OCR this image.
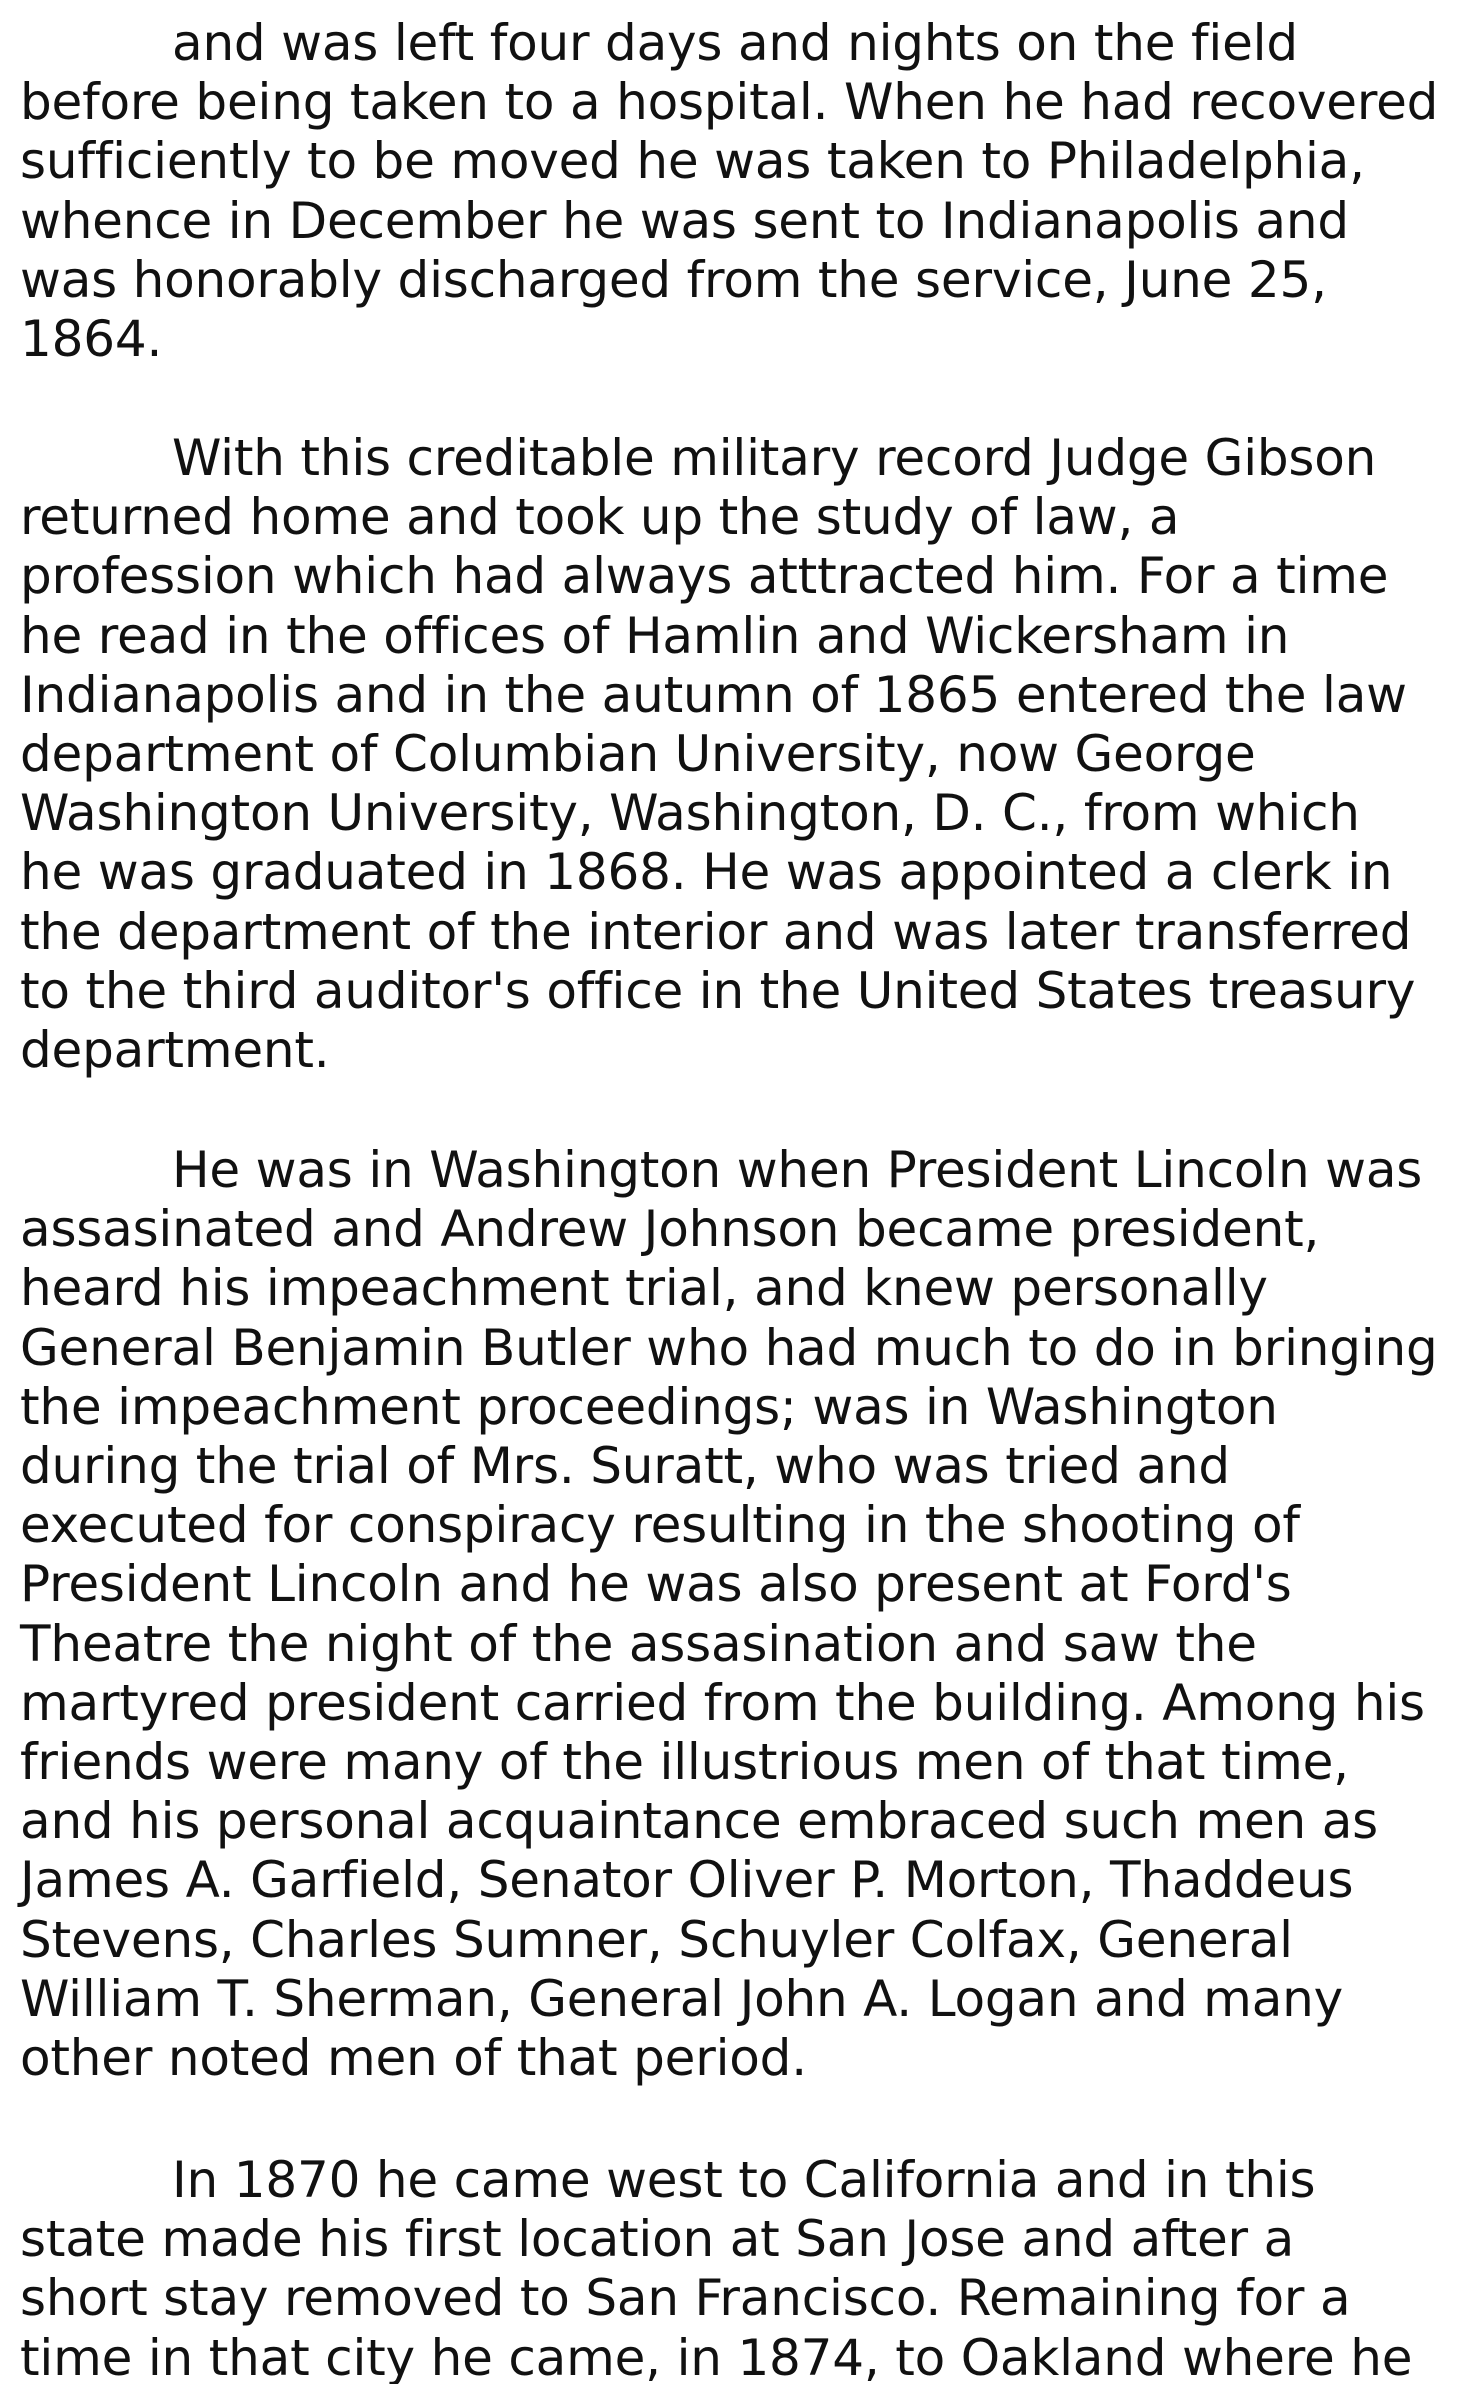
and was left four days and nights on the field
before being taken to a hospital. When he had recovered
sufficiently to be moved he was taken to Philadelphia,
whence in December he was sent to Indianapolis and
was honorably discharged from the service, June 25,
1864.
With this creditable military record Judge Gibson
returned home and took up the study of law, a
profession which had always atttracted him. For a time
he read in the offices of Hamlin and Wickersham in
Indianapolis and in the autumn of 1865 entered the law
department of Columbian University, now George
Washington University, Washington, D. C., from which
he was graduated in 1868. He was appointed a clerk in
the department of the interior and was later transferred
to the third auditor's office in the United States treasury
department.
He was in Washington when President Lincoln was
assasinated and Andrew Johnson became president,
heard his impeachment trial, and knew personally
General Benjamin Butler who had much to do in bringing
the impeachment proceedings; was in Washington
during the trial of Mrs. Suratt, who was tried and
executed for conspiracy resulting in the shooting of
President Lincoln and he was also present at Ford's
Theatre the night of the assasination and saw the
martyred president carried from the building. Among his
friends were many of the illustrious men of that time,
and his personal acquaintance embraced such men as
James A. Garfield, Senator Oliver P. Morton, Thaddeus
Stevens, Charles Sumner, Schuyler Colfax, General
William T. Sherman, General John A. Logan and many
other noted men of that period.
In 1870 he came west to California and in this
state made his first location at San Jose and after a
short stay removed to San Francisco. Remaining for a
time in that city he came, in 1874, to Oakland where he
